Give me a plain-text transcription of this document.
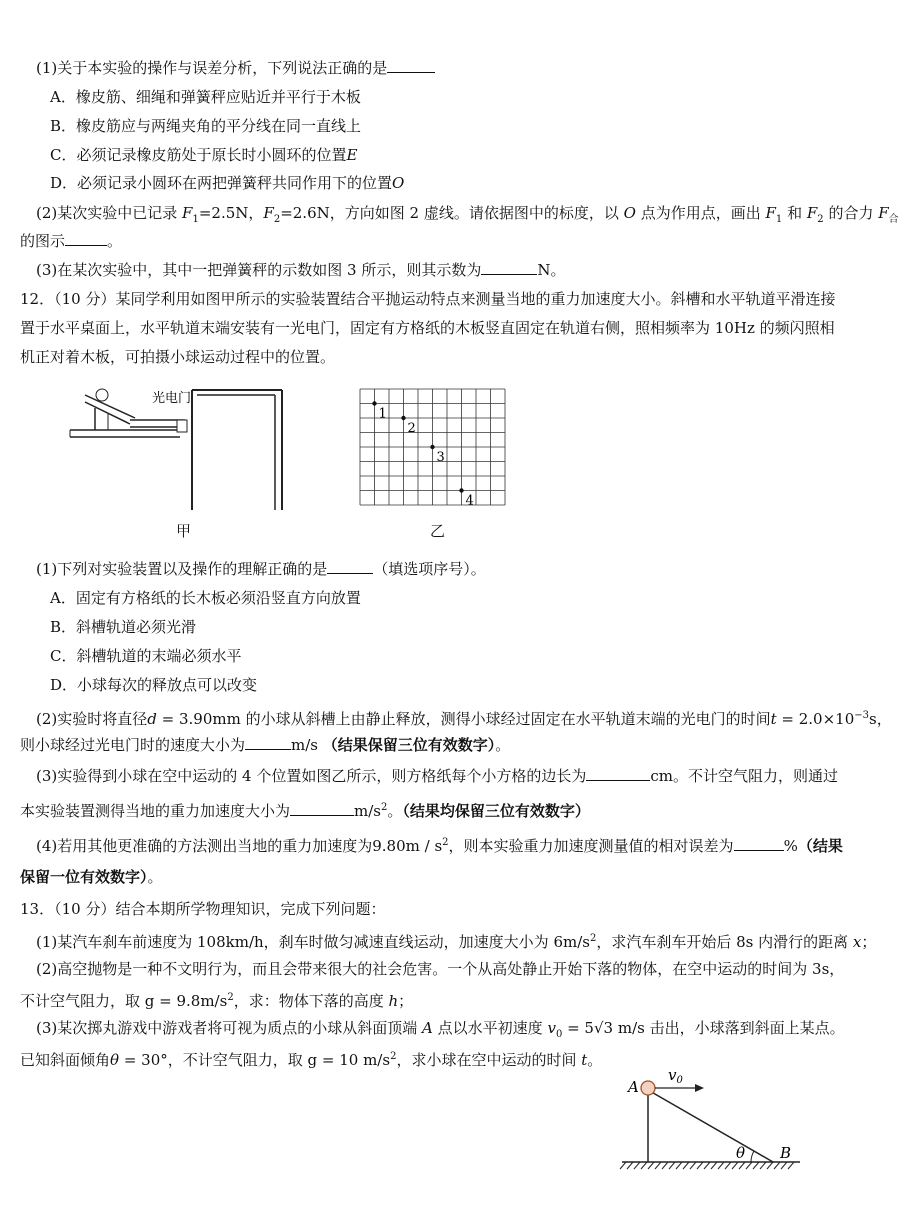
(1)关于本实验的操作与误差分析，下列说法正确的是
A．橡皮筋、细绳和弹簧秤应贴近并平行于木板
B．橡皮筋应与两绳夹角的平分线在同一直线上
C．必须记录橡皮筋处于原长时小圆环的位置E
D．必须记录小圆环在两把弹簧秤共同作用下的位置O
(2)某次实验中已记录 $F_1=2.5N$，$F_2=2.6N$，方向如图 2 虚线。请依据图中的标度，以 O 点为作用点，画出 $F_1$ 和 $F_2$ 的合力 $F_合$
的图示	。
(3)在某次实验中，其中一把弹簧秤的示数如图 3 所示，则其示数为	N。
12．（10 分）某同学利用如图甲所示的实验装置结合平抛运动特点来测量当地的重力加速度大小。斜槽和水平轨道平滑连接
置于水平桌面上，水平轨道末端安装有一光电门，固定有方格纸的木板竖直固定在轨道右侧，照相频率为 10Hz 的频闪照相
机正对着木板，可拍摄小球运动过程中的位置。
光电门
甲
1
2
3
4
乙
(1)下列对实验装置以及操作的理解正确的是	（填选项序号）。
A．固定有方格纸的长木板必须沿竖直方向放置
B．斜槽轨道必须光滑
C．斜槽轨道的末端必须水平
D．小球每次的释放点可以改变
(2)实验时将直径d = 3.90mm 的小球从斜槽上由静止释放，测得小球经过固定在水平轨道末端的光电门的时间$t = 2.0\times 10^{-3}s$，
则小球经过光电门时的速度大小为	m/s （结果保留三位有效数字）。
(3)实验得到小球在空中运动的 4 个位置如图乙所示，则方格纸每个小方格的边长为	cm。不计空气阻力，则通过
本实验装置测得当地的重力加速度大小为	$m/s^2$。（结果均保留三位有效数字）
(4)若用其他更准确的方法测出当地的重力加速度为$9.80m / s^2$，则本实验重力加速度测量值的相对误差为	%（结果
保留一位有效数字）。
13．（10 分）结合本期所学物理知识，完成下列问题：
(1)某汽车刹车前速度为 108km/h，刹车时做匀减速直线运动，加速度大小为 $6m/s^2$，求汽车刹车开始后 8s 内滑行的距离 x；
(2)高空抛物是一种不文明行为，而且会带来很大的社会危害。一个从高处静止开始下落的物体，在空中运动的时间为 3s，
不计空气阻力，取 $g = 9.8m/s^2$，求：物体下落的高度 h；
(3)某次掷丸游戏中游戏者将可视为质点的小球从斜面顶端 A 点以水平初速度 $v_0 = 5√3$ m/s 击出，小球落到斜面上某点。
已知斜面倾角θ = 30°，不计空气阻力，取 g = 10 $m/s^2$，求小球在空中运动的时间 t。
A
B
$v_0$
θ
